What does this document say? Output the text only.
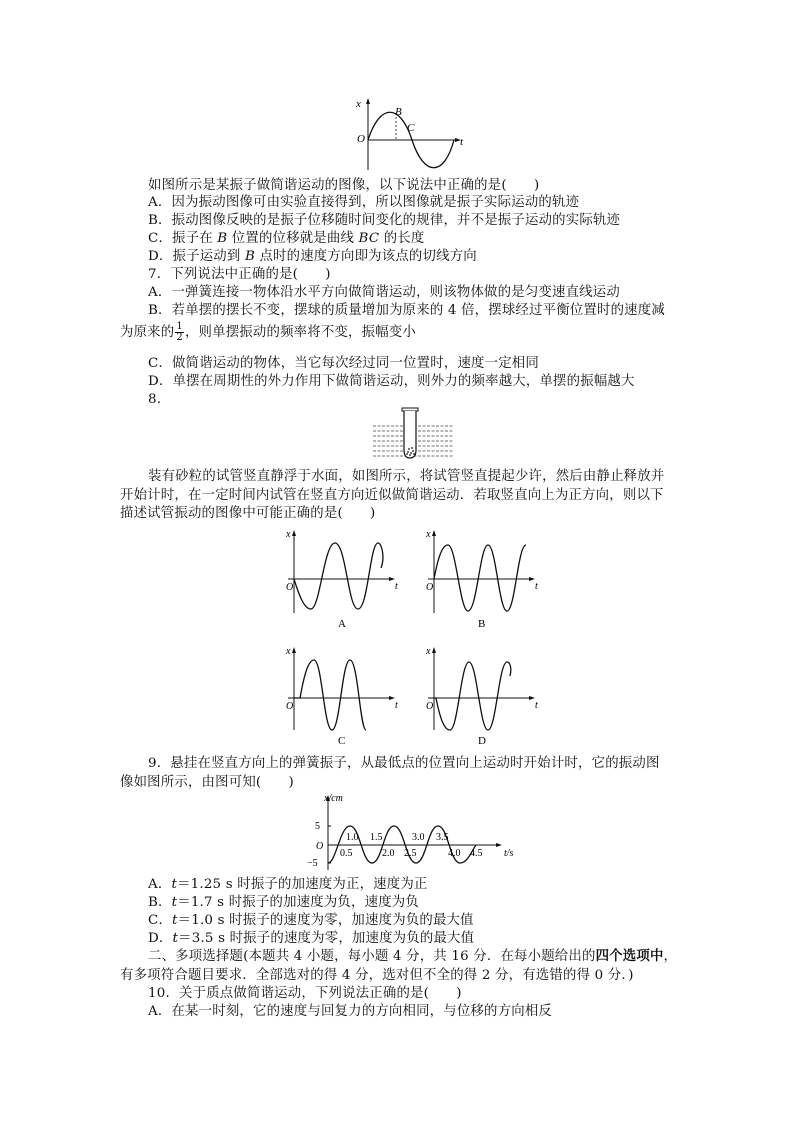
x
t
O
B
C
如图所示是某振子做简谐运动的图像，以下说法中正确的是(　　)
A．因为振动图像可由实验直接得到，所以图像就是振子实际运动的轨迹
B．振动图像反映的是振子位移随时间变化的规律，并不是振子运动的实际轨迹
C．振子在 B 位置的位移就是曲线 BC 的长度
D．振子运动到 B 点时的速度方向即为该点的切线方向
7．下列说法中正确的是(　　)
A．一弹簧连接一物体沿水平方向做简谐运动，则该物体做的是匀变速直线运动
B．若单摆的摆长不变，摆球的质量增加为原来的 4 倍，摆球经过平衡位置时的速度减
为原来的 $\frac{1}{2}$ ，则单摆振动的频率将不变，振幅变小
C．做简谐运动的物体，当它每次经过同一位置时，速度一定相同
D．单摆在周期性的外力作用下做简谐运动，则外力的频率越大，单摆的振幅越大
8.
装有砂粒的试管竖直静浮于水面，如图所示，将试管竖直提起少许，然后由静止释放并
开始计时，在一定时间内试管在竖直方向近似做简谐运动．若取竖直向上为正方向，则以下
描述试管振动的图像中可能正确的是(　　)
x
t
O
A
x
t
O
B
x
t
O
C
x
t
O
D
9．悬挂在竖直方向上的弹簧振子，从最低点的位置向上运动时开始计时，它的振动图
像如图所示，由图可知(　　)
x/cm
t/s
O
5
−5
1.0 1.5	3.0 3.5
0.5	2.0 2.5	4.0 4.5
A．t＝1.25 s 时振子的加速度为正，速度为正
B．t＝1.7 s 时振子的加速度为负，速度为负
C．t＝1.0 s 时振子的速度为零，加速度为负的最大值
D．t＝3.5 s 时振子的速度为零，加速度为负的最大值
二、多项选择题(本题共 4 小题，每小题 4 分，共 16 分．在每小题给出的四个选项中，
有多项符合题目要求．全部选对的得 4 分，选对但不全的得 2 分，有选错的得 0 分．)
10．关于质点做简谐运动，下列说法正确的是(　　)
A．在某一时刻，它的速度与回复力的方向相同，与位移的方向相反
